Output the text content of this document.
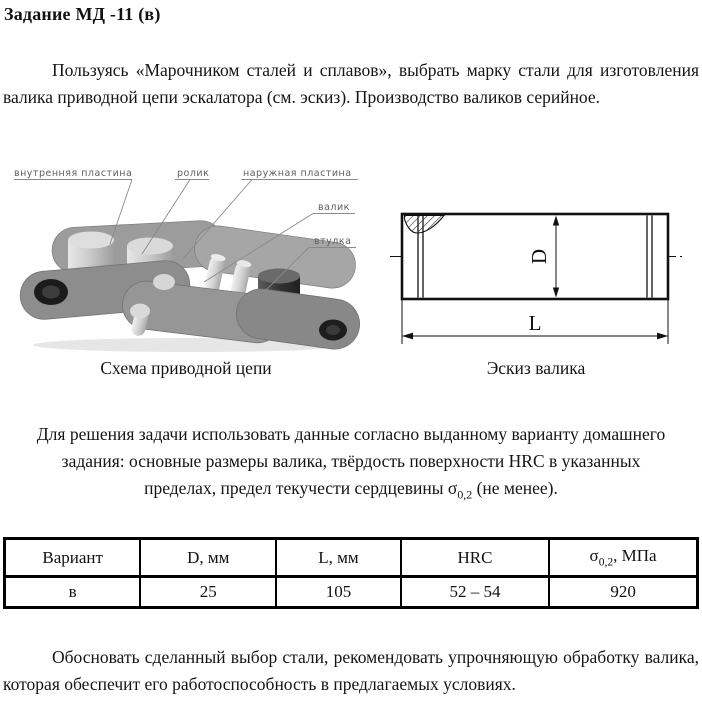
Задание МД -11 (в)
Пользуясь «Марочником сталей и сплавов», выбрать марку стали для изготовления валика приводной цепи эскалатора (см. эскиз). Производство валиков серийное.
внутренняя пластина	ролик	наружная пластина
валик
втулка
D
L
Схема приводной цепи	Эскиз валика
Для решения задачи использовать данные согласно выданному варианту домашнего задания: основные размеры валика, твёрдость поверхности HRC в указанных пределах, предел текучести сердцевины $\sigma_{0,2}$ (не менее).
Вариант	D, мм	L, мм	HRC	$\sigma_{0,2}$, МПа
в	25	105	52 – 54	920
Обосновать сделанный выбор стали, рекомендовать упрочняющую обработку валика, которая обеспечит его работоспособность в предлагаемых условиях.
